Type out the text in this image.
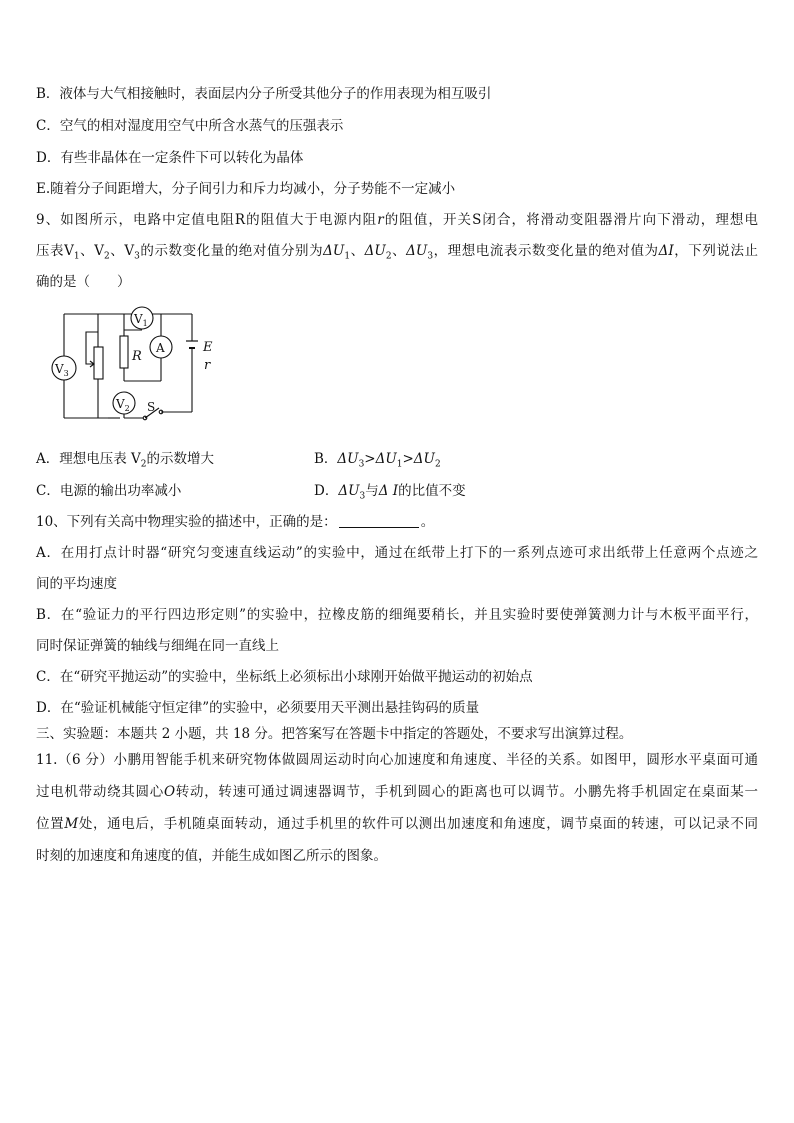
B．液体与大气相接触时，表面层内分子所受其他分子的作用表现为相互吸引
C．空气的相对湿度用空气中所含水蒸气的压强表示
D．有些非晶体在一定条件下可以转化为晶体
E.随着分子间距增大，分子间引力和斥力均减小，分子势能不一定减小
9、如图所示，电路中定值电阻R的阻值大于电源内阻r的阻值，开关S闭合，将滑动变阻器滑片向下滑动，理想电
压表$V_1$、$V_2$、$V_3$的示数变化量的绝对值分别为$\Delta U_1$、$\Delta U_2$、$\Delta U_3$，理想电流表示数变化量的绝对值为ΔI，下列说法止
确的是（　　）
$V_1$
A
$V_3$
$V_2$
R
E
r
S
A．理想电压表 $V_2$的示数增大	B．$\Delta U_3>\Delta U_1>\Delta U_2$
C．电源的输出功率减小	D．$\Delta U_3$与Δ I的比值不变
10、下列有关高中物理实验的描述中，正确的是：	。
A．在用打点计时器“研究匀变速直线运动”的实验中，通过在纸带上打下的一系列点迹可求出纸带上任意两个点迹之
间的平均速度
B．在“验证力的平行四边形定则”的实验中，拉橡皮筋的细绳要稍长，并且实验时要使弹簧测力计与木板平面平行，
同时保证弹簧的轴线与细绳在同一直线上
C．在“研究平抛运动”的实验中，坐标纸上必须标出小球刚开始做平抛运动的初始点
D．在“验证机械能守恒定律”的实验中，必须要用天平测出悬挂钩码的质量
三、实验题：本题共 2 小题，共 18 分。把答案写在答题卡中指定的答题处，不要求写出演算过程。
11.（6 分）小鹏用智能手机来研究物体做圆周运动时向心加速度和角速度、半径的关系。如图甲，圆形水平桌面可通
过电机带动绕其圆心O转动，转速可通过调速器调节，手机到圆心的距离也可以调节。小鹏先将手机固定在桌面某一
位置M处，通电后，手机随桌面转动，通过手机里的软件可以测出加速度和角速度，调节桌面的转速，可以记录不同
时刻的加速度和角速度的值，并能生成如图乙所示的图象。
